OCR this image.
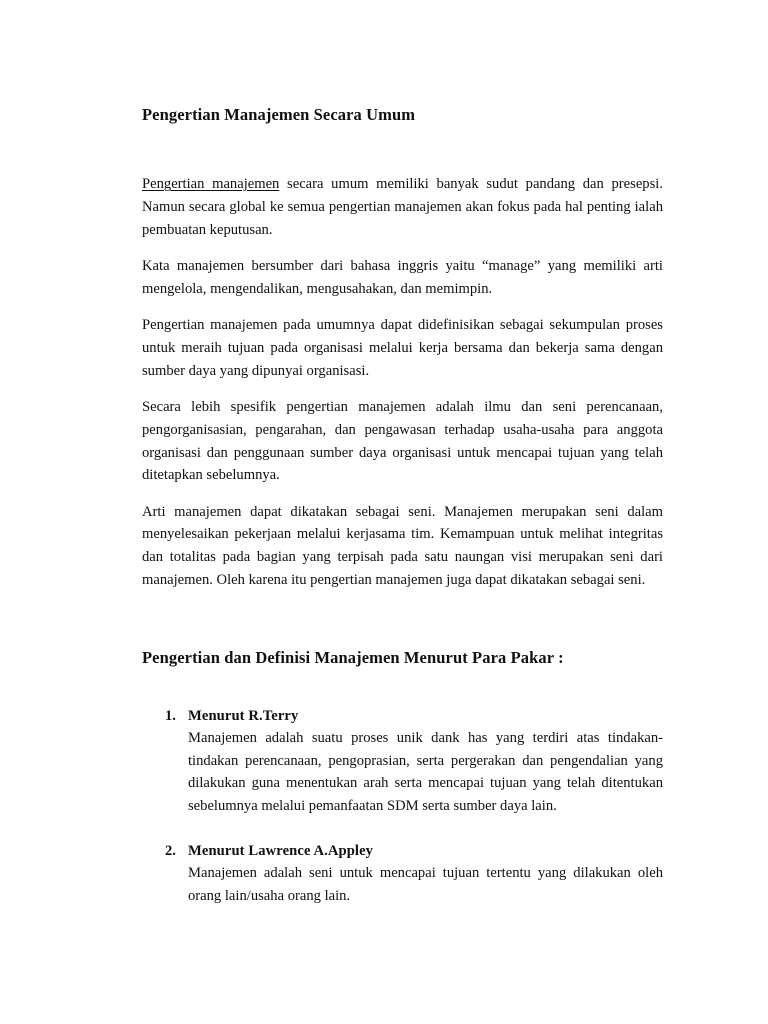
Pengertian Manajemen Secara Umum

Pengertian manajemen secara umum memiliki banyak sudut pandang dan presepsi. Namun secara global ke semua pengertian manajemen akan fokus pada hal penting ialah pembuatan keputusan.

Kata manajemen bersumber dari bahasa inggris yaitu “manage” yang memiliki arti mengelola, mengendalikan, mengusahakan, dan memimpin.

Pengertian manajemen pada umumnya dapat didefinisikan sebagai sekumpulan proses untuk meraih tujuan pada organisasi melalui kerja bersama dan bekerja sama dengan sumber daya yang dipunyai organisasi.

Secara lebih spesifik pengertian manajemen adalah ilmu dan seni perencanaan, pengorganisasian, pengarahan, dan pengawasan terhadap usaha-usaha para anggota organisasi dan penggunaan sumber daya organisasi untuk mencapai tujuan yang telah ditetapkan sebelumnya.

Arti manajemen dapat dikatakan sebagai seni. Manajemen merupakan seni dalam menyelesaikan pekerjaan melalui kerjasama tim. Kemampuan untuk melihat integritas dan totalitas pada bagian yang terpisah pada satu naungan visi merupakan seni dari manajemen. Oleh karena itu pengertian manajemen juga dapat dikatakan sebagai seni.

Pengertian dan Definisi Manajemen Menurut Para Pakar :
Menurut R.Terry
Manajemen adalah suatu proses unik dank has yang terdiri atas tindakan-tindakan perencanaan, pengoprasian, serta pergerakan dan pengendalian yang dilakukan guna menentukan arah serta mencapai tujuan yang telah ditentukan sebelumnya melalui pemanfaatan SDM serta sumber daya lain.
Menurut Lawrence A.Appley
Manajemen adalah seni untuk mencapai tujuan tertentu yang dilakukan oleh orang lain/usaha orang lain.
